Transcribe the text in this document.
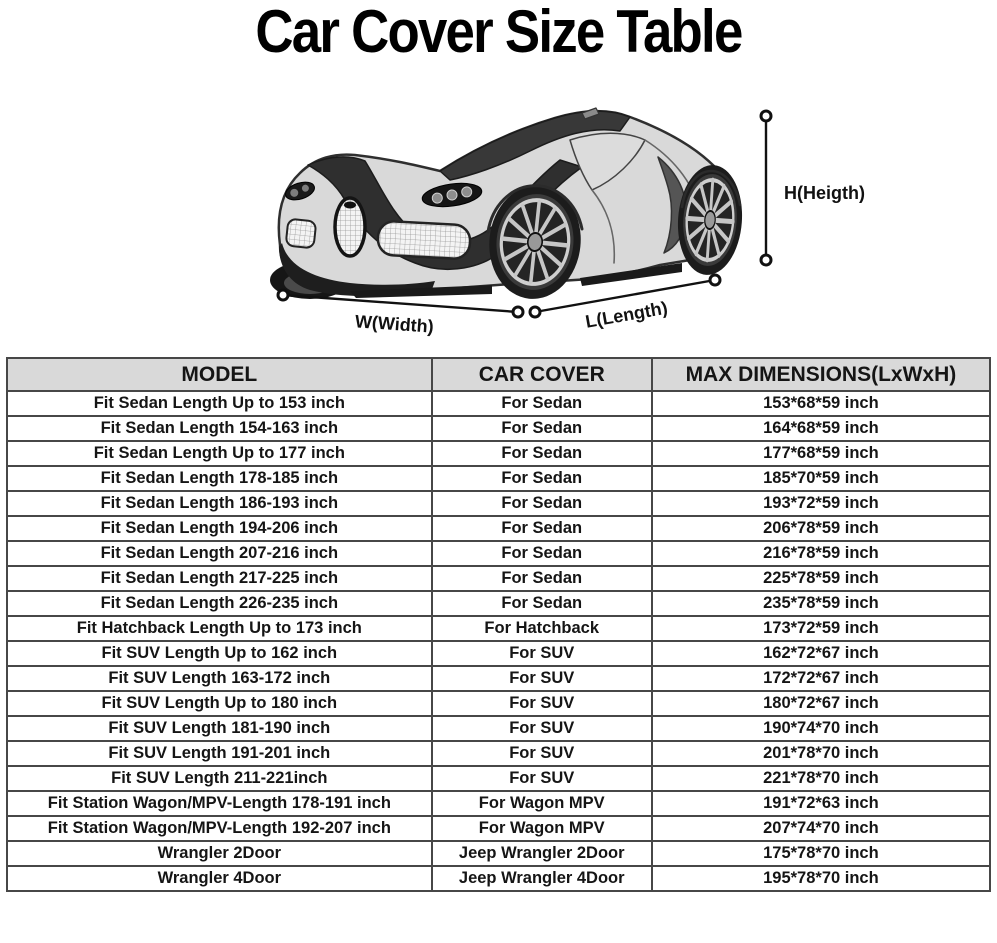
Car Cover Size Table
H(Heigth)
W(Width)	L(Length)
MODEL	CAR COVER	MAX DIMENSIONS(LxWxH)
Fit Sedan Length Up to 153 inch	For Sedan	153*68*59 inch
Fit Sedan Length 154-163 inch	For Sedan	164*68*59 inch
Fit Sedan Length Up to 177 inch	For Sedan	177*68*59 inch
Fit Sedan Length 178-185 inch	For Sedan	185*70*59 inch
Fit Sedan Length 186-193 inch	For Sedan	193*72*59 inch
Fit Sedan Length 194-206 inch	For Sedan	206*78*59 inch
Fit Sedan Length 207-216 inch	For Sedan	216*78*59 inch
Fit Sedan Length 217-225 inch	For Sedan	225*78*59 inch
Fit Sedan Length 226-235 inch	For Sedan	235*78*59 inch
Fit Hatchback Length Up to 173 inch	For Hatchback	173*72*59 inch
Fit SUV Length Up to 162 inch	For SUV	162*72*67 inch
Fit SUV Length 163-172 inch	For SUV	172*72*67 inch
Fit SUV Length Up to 180 inch	For SUV	180*72*67 inch
Fit SUV Length 181-190 inch	For SUV	190*74*70 inch
Fit SUV Length 191-201 inch	For SUV	201*78*70 inch
Fit SUV Length 211-221inch	For SUV	221*78*70 inch
Fit Station Wagon/MPV-Length 178-191 inch	For Wagon MPV	191*72*63 inch
Fit Station Wagon/MPV-Length 192-207 inch	For Wagon MPV	207*74*70 inch
Wrangler 2Door	Jeep Wrangler 2Door	175*78*70 inch
Wrangler 4Door	Jeep Wrangler 4Door	195*78*70 inch
